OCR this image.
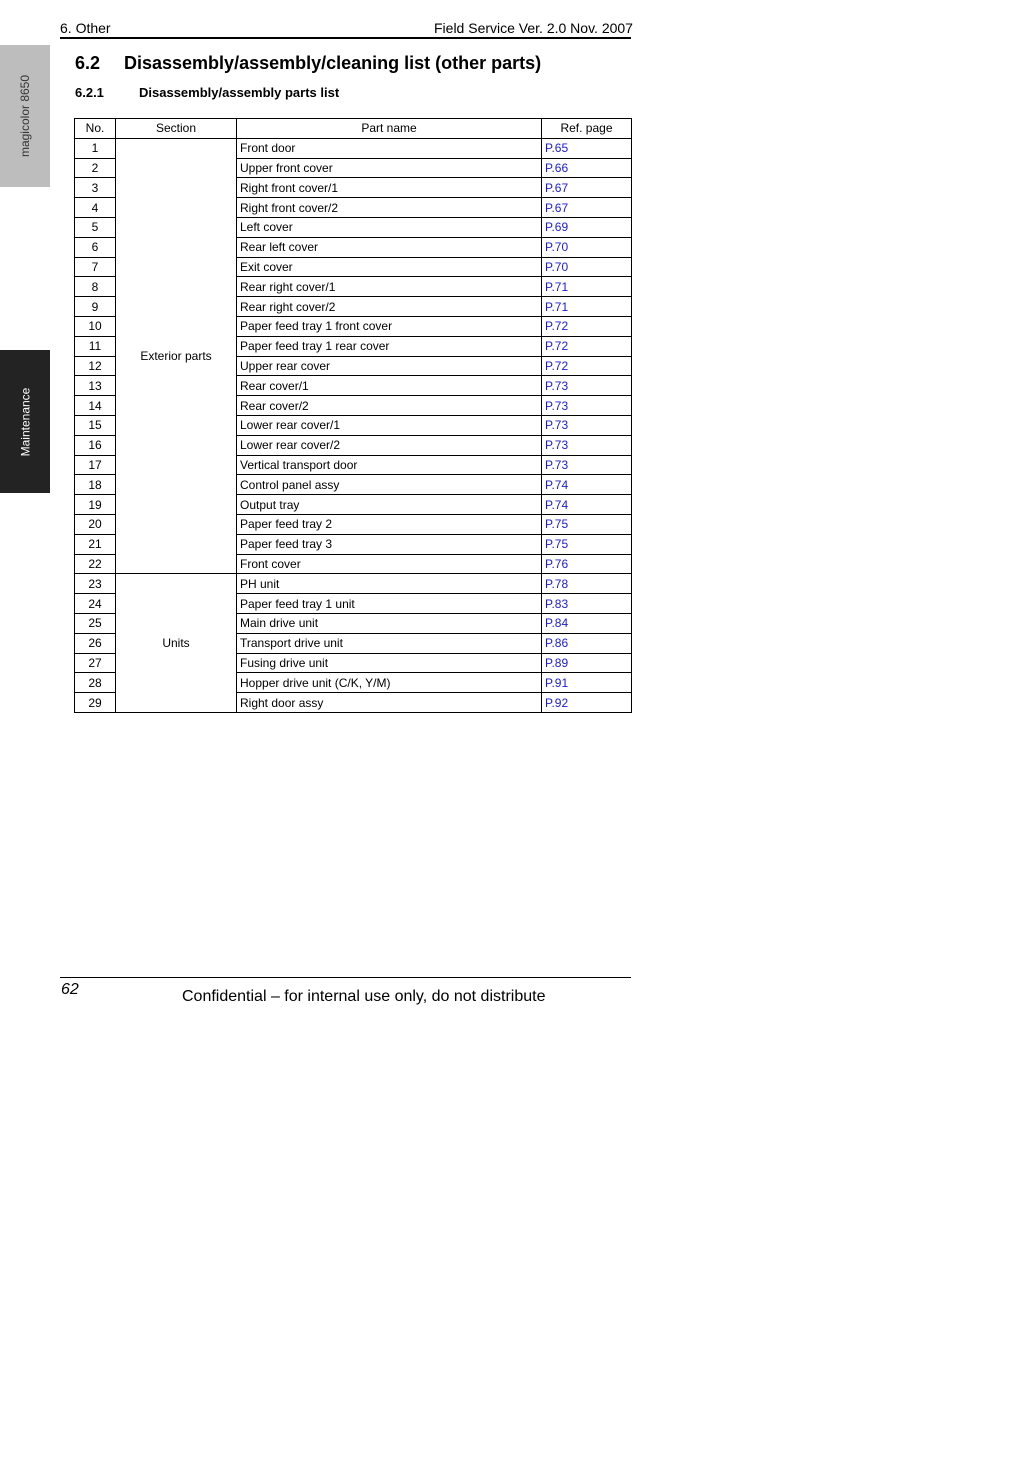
magicolor 8650
Maintenance
6. Other	Field Service Ver. 2.0 Nov. 2007
6.2 Disassembly/assembly/cleaning list (other parts)
6.2.1	Disassembly/assembly parts list
No.	Section	Part name	Ref. page
1	Exterior parts	Front door	P.65
2		Upper front cover	P.66
3		Right front cover/1	P.67
4		Right front cover/2	P.67
5		Left cover	P.69
6		Rear left cover	P.70
7		Exit cover	P.70
8		Rear right cover/1	P.71
9		Rear right cover/2	P.71
10		Paper feed tray 1 front cover	P.72
11		Paper feed tray 1 rear cover	P.72
12		Upper rear cover	P.72
13		Rear cover/1	P.73
14		Rear cover/2	P.73
15		Lower rear cover/1	P.73
16		Lower rear cover/2	P.73
17		Vertical transport door	P.73
18		Control panel assy	P.74
19		Output tray	P.74
20		Paper feed tray 2	P.75
21		Paper feed tray 3	P.75
22		Front cover	P.76
23	Units	PH unit	P.78
24		Paper feed tray 1 unit	P.83
25		Main drive unit	P.84
26		Transport drive unit	P.86
27		Fusing drive unit	P.89
28		Hopper drive unit (C/K, Y/M)	P.91
29		Right door assy	P.92
62	Confidential – for internal use only, do not distribute
